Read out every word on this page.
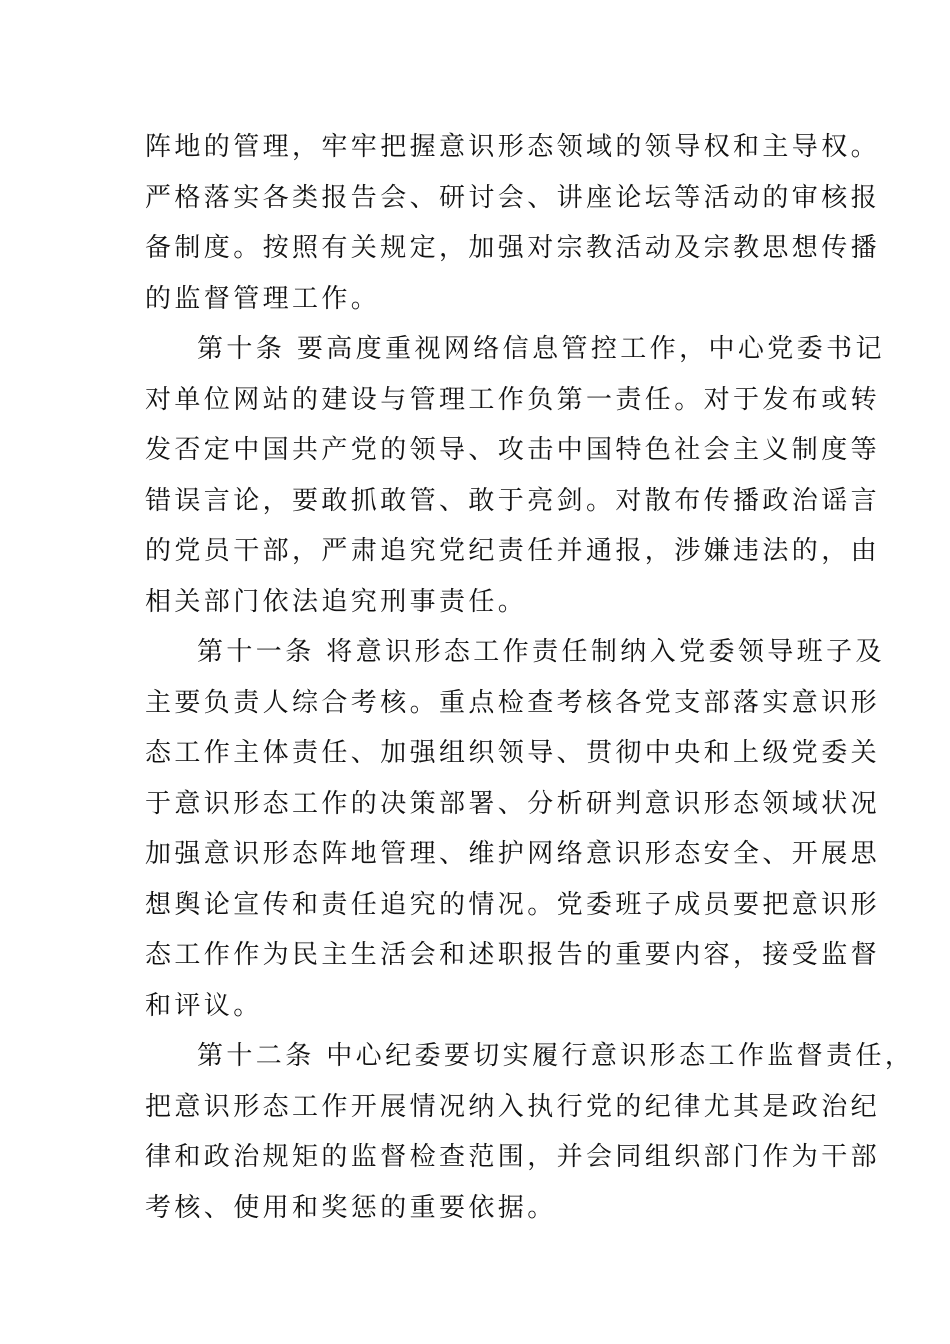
阵地的管理，牢牢把握意识形态领域的领导权和主导权。
严格落实各类报告会、研讨会、讲座论坛等活动的审核报
备制度。按照有关规定，加强对宗教活动及宗教思想传播
的监督管理工作。
第十条 要高度重视网络信息管控工作，中心党委书记
对单位网站的建设与管理工作负第一责任。对于发布或转
发否定中国共产党的领导、攻击中国特色社会主义制度等
错误言论，要敢抓敢管、敢于亮剑。对散布传播政治谣言
的党员干部，严肃追究党纪责任并通报，涉嫌违法的，由
相关部门依法追究刑事责任。
第十一条 将意识形态工作责任制纳入党委领导班子及
主要负责人综合考核。重点检查考核各党支部落实意识形
态工作主体责任、加强组织领导、贯彻中央和上级党委关
于意识形态工作的决策部署、分析研判意识形态领域状况
加强意识形态阵地管理、维护网络意识形态安全、开展思
想舆论宣传和责任追究的情况。党委班子成员要把意识形
态工作作为民主生活会和述职报告的重要内容，接受监督
和评议。
第十二条 中心纪委要切实履行意识形态工作监督责任，
把意识形态工作开展情况纳入执行党的纪律尤其是政治纪
律和政治规矩的监督检查范围，并会同组织部门作为干部
考核、使用和奖惩的重要依据。
